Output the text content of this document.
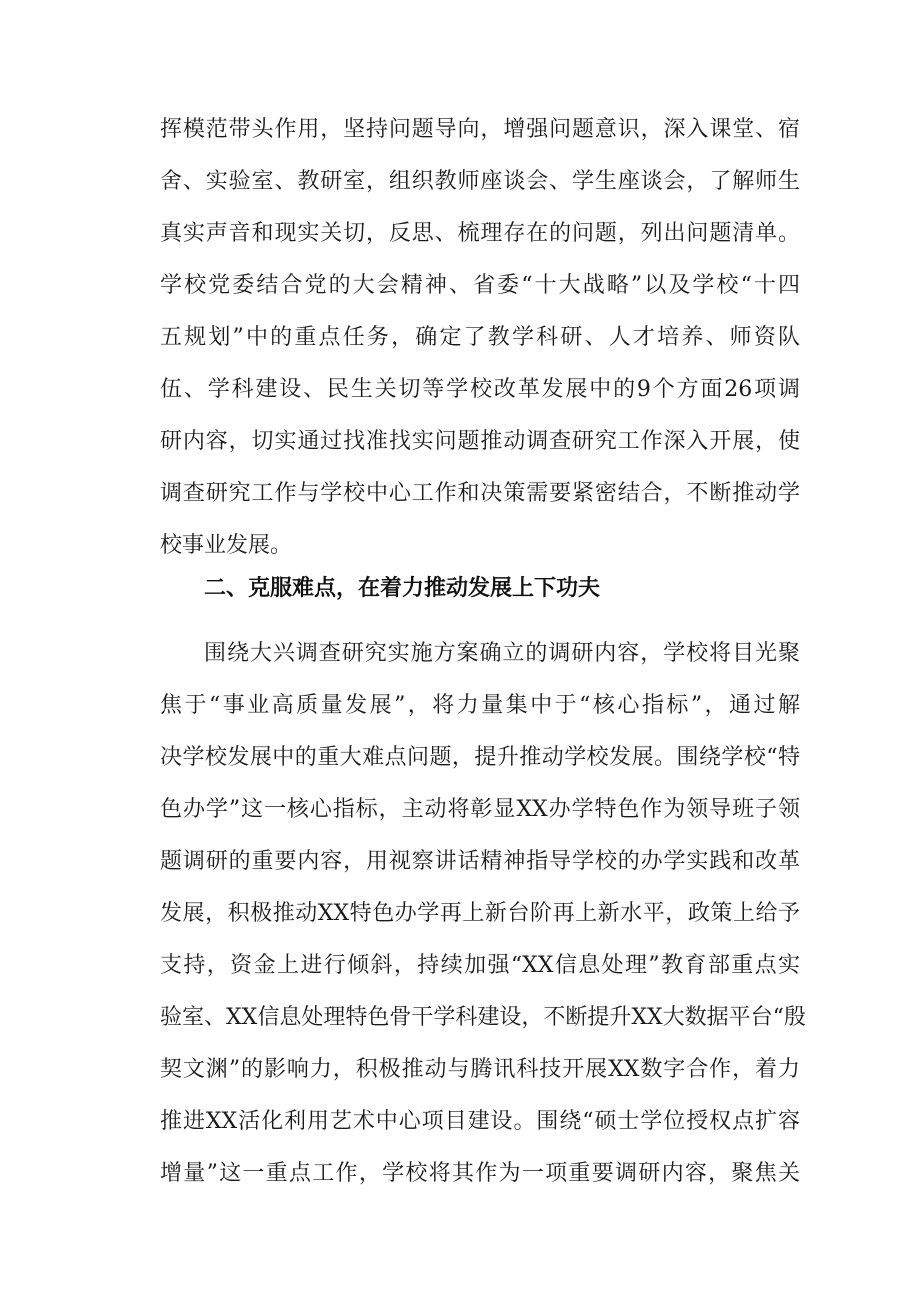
挥模范带头作用，坚持问题导向，增强问题意识，深入课堂、宿
舍、实验室、教研室，组织教师座谈会、学生座谈会，了解师生
真实声音和现实关切，反思、梳理存在的问题，列出问题清单。
学校党委结合党的大会精神、省委“十大战略”以及学校“十四
五规划”中的重点任务，确定了教学科研、人才培养、师资队
伍、学科建设、民生关切等学校改革发展中的9个方面26项调
研内容，切实通过找准找实问题推动调查研究工作深入开展，使
调查研究工作与学校中心工作和决策需要紧密结合，不断推动学
校事业发展。
二、克服难点，在着力推动发展上下功夫
围绕大兴调查研究实施方案确立的调研内容，学校将目光聚
焦于“事业高质量发展”，将力量集中于“核心指标”，通过解
决学校发展中的重大难点问题，提升推动学校发展。围绕学校“特
色办学”这一核心指标，主动将彰显XX办学特色作为领导班子领
题调研的重要内容，用视察讲话精神指导学校的办学实践和改革
发展，积极推动XX特色办学再上新台阶再上新水平，政策上给予
支持，资金上进行倾斜，持续加强“XX信息处理”教育部重点实
验室、XX信息处理特色骨干学科建设，不断提升XX大数据平台“殷
契文渊”的影响力，积极推动与腾讯科技开展XX数字合作，着力
推进XX活化利用艺术中心项目建设。围绕“硕士学位授权点扩容
增量”这一重点工作，学校将其作为一项重要调研内容，聚焦关
